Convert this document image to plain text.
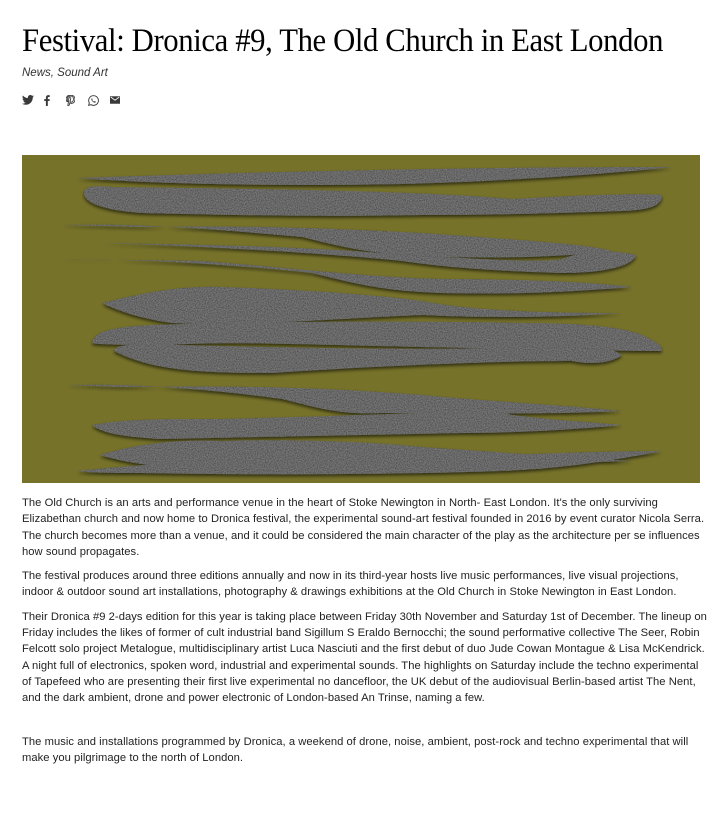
Festival: Dronica #9, The Old Church in East London
News, Sound Art

The Old Church is an arts and performance venue in the heart of Stoke Newington in North- East London. It's the only surviving Elizabethan church and now home to Dronica festival, the experimental sound-art festival founded in 2016 by event curator Nicola Serra. The church becomes more than a venue, and it could be considered the main character of the play as the architecture per se influences how sound propagates.

The festival produces around three editions annually and now in its third-year hosts live music performances, live visual projections, indoor & outdoor sound art installations, photography & drawings exhibitions at the Old Church in Stoke Newington in East London.

Their Dronica #9 2-days edition for this year is taking place between Friday 30th November and Saturday 1st of December. The lineup on Friday includes the likes of former of cult industrial band Sigillum S Eraldo Bernocchi; the sound performative collective The Seer, Robin Felcott solo project Metalogue, multidisciplinary artist Luca Nasciuti and the first debut of duo Jude Cowan Montague & Lisa McKendrick. A night full of electronics, spoken word, industrial and experimental sounds. The highlights on Saturday include the techno experimental of Tapefeed who are presenting their first live experimental no dancefloor, the UK debut of the audiovisual Berlin-based artist The Nent, and the dark ambient, drone and power electronic of London-based An Trinse, naming a few.

The music and installations programmed by Dronica, a weekend of drone, noise, ambient, post-rock and techno experimental that will make you pilgrimage to the north of London.
